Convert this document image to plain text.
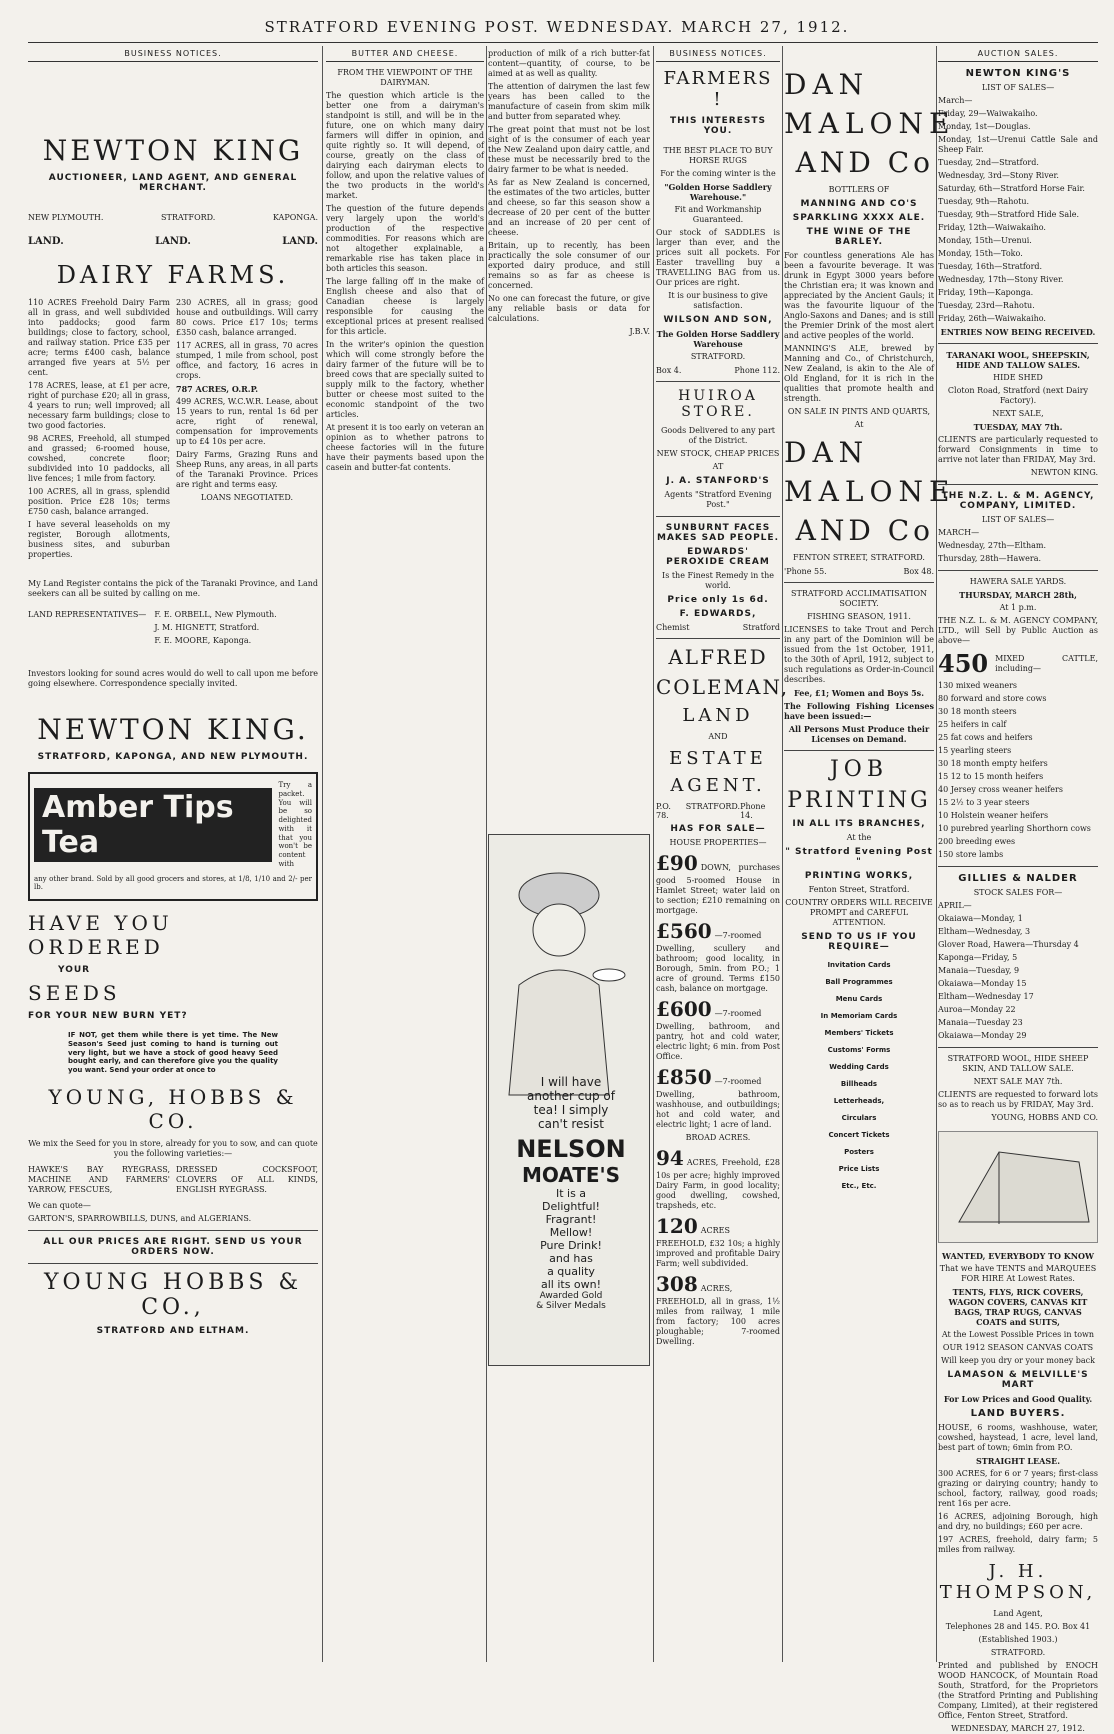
STRATFORD EVENING POST. WEDNESDAY. MARCH 27, 1912.
BUSINESS NOTICES.
NEWTON KING
AUCTIONEER, LAND AGENT, AND GENERAL MERCHANT.
NEW PLYMOUTH.	STRATFORD.	KAPONGA.
LAND.	LAND.	LAND.
DAIRY FARMS.

110 ACRES Freehold Dairy Farm all in grass, and well subdivided into paddocks; good farm buildings; close to factory, school, and railway station. Price £35 per acre; terms £400 cash, balance arranged five years at 5½ per cent.

178 ACRES, lease, at £1 per acre, right of purchase £20; all in grass, 4 years to run; well improved; all necessary farm buildings; close to two good factories.

98 ACRES, Freehold, all stumped and grassed; 6-roomed house, cowshed, concrete floor; subdivided into 10 paddocks, all live fences; 1 mile from factory.

100 ACRES, all in grass, splendid position. Price £28 10s; terms £750 cash, balance arranged.

I have several leaseholds on my register, Borough allotments, business sites, and suburban properties.

230 ACRES, all in grass; good house and outbuildings. Will carry 80 cows. Price £17 10s; terms £350 cash, balance arranged.

117 ACRES, all in grass, 70 acres stumped, 1 mile from school, post office, and factory, 16 acres in crops.

787 ACRES, O.R.P.

499 ACRES, W.C.W.R. Lease, about 15 years to run, rental 1s 6d per acre, right of renewal, compensation for improvements up to £4 10s per acre.

Dairy Farms, Grazing Runs and Sheep Runs, any areas, in all parts of the Taranaki Province. Prices are right and terms easy.

LOANS NEGOTIATED.

My Land Register contains the pick of the Taranaki Province, and Land seekers can all be suited by calling on me.

LAND REPRESENTATIVES— F. E. ORBELL, New Plymouth.
J. M. HIGNETT, Stratford.
F. E. MOORE, Kaponga.

Investors looking for sound acres would do well to call upon me before going elsewhere. Correspondence specially invited.

NEWTON KING.
STRATFORD, KAPONGA, AND NEW PLYMOUTH.
Amber Tips Tea
Try a packet. You will be so delighted with it that you won't be content with
any other brand. Sold by all good grocers and stores, at 1/8, 1/10 and 2/- per lb.
HAVE YOU ORDERED
YOUR
SEEDS
FOR YOUR NEW BURN YET?

IF NOT, get them while there is yet time. The New Season's Seed just coming to hand is turning out very light, but we have a stock of good heavy Seed bought early, and can therefore give you the quality you want. Send your order at once to

YOUNG, HOBBS & CO.

We mix the Seed for you in store, already for you to sow, and can quote you the following varieties:—

HAWKE'S BAY RYEGRASS, MACHINE AND FARMERS' YARROW, FESCUES,
DRESSED COCKSFOOT, CLOVERS OF ALL KINDS, ENGLISH RYEGRASS.

We can quote—

GARTON'S, SPARROWBILLS, DUNS, and ALGERIANS.

ALL OUR PRICES ARE RIGHT. SEND US YOUR ORDERS NOW.
YOUNG HOBBS & CO.,
STRATFORD AND ELTHAM.
BUTTER AND CHEESE.
FROM THE VIEWPOINT OF THE DAIRYMAN.

The question which article is the better one from a dairyman's standpoint is still, and will be in the future, one on which many dairy farmers will differ in opinion, and quite rightly so. It will depend, of course, greatly on the class of dairying each dairyman elects to follow, and upon the relative values of the two products in the world's market.

The question of the future depends very largely upon the world's production of the respective commodities. For reasons which are not altogether explainable, a remarkable rise has taken place in both articles this season.

The large falling off in the make of English cheese and also that of Canadian cheese is largely responsible for causing the exceptional prices at present realised for this article.

In the writer's opinion the question which will come strongly before the dairy farmer of the future will be to breed cows that are specially suited to supply milk to the factory, whether butter or cheese most suited to the economic standpoint of the two articles.

At present it is too early on veteran an opinion as to whether patrons to cheese factories will in the future have their payments based upon the casein and butter-fat contents.

production of milk of a rich butter-fat content—quantity, of course, to be aimed at as well as quality.

The attention of dairymen the last few years has been called to the manufacture of casein from skim milk and butter from separated whey.

The great point that must not be lost sight of is the consumer of each year the New Zealand upon dairy cattle, and these must be necessarily bred to the dairy farmer to be what is needed.

As far as New Zealand is concerned, the estimates of the two articles, butter and cheese, so far this season show a decrease of 20 per cent of the butter and an increase of 20 per cent of cheese.

Britain, up to recently, has been practically the sole consumer of our exported dairy produce, and still remains so as far as cheese is concerned.

No one can forecast the future, or give any reliable basis or data for calculations.

J.B.V.
I will have
another cup of
tea! I simply
can't resist
NELSON
MOATE'S
It is a
Delightful!
Fragrant!
Mellow!
Pure Drink!
and has
a quality
all its own!
Awarded Gold
& Silver Medals
BUSINESS NOTICES.
FARMERS !
THIS INTERESTS YOU.
THE BEST PLACE TO BUY HORSE RUGS
For the coming winter is the
"Golden Horse Saddlery Warehouse."
Fit and Workmanship Guaranteed.

Our stock of SADDLES is larger than ever, and the prices suit all pockets. For Easter travelling buy a TRAVELLING BAG from us. Our prices are right.

It is our business to give satisfaction.
WILSON AND SON,
The Golden Horse Saddlery Warehouse
STRATFORD.
Box 4.	Phone 112.
HUIROA STORE.
Goods Delivered to any part of the District.
NEW STOCK, CHEAP PRICES
AT
J. A. STANFORD'S
Agents "Stratford Evening Post."
SUNBURNT FACES MAKES SAD PEOPLE.
EDWARDS' PEROXIDE CREAM
Is the Finest Remedy in the world.
Price only 1s 6d.
F. EDWARDS,
Chemist	Stratford
ALFRED
COLEMAN,
LAND
AND
ESTATE
AGENT.
P.O. 78.
STRATFORD. Phone 14.
HAS FOR SALE—
HOUSE PROPERTIES—

£90 DOWN, purchases good 5-roomed House in Hamlet Street; water laid on to section; £210 remaining on mortgage.

£560 —7-roomed Dwelling, scullery and bathroom; good locality, in Borough, 5min. from P.O.; 1 acre of ground. Terms £150 cash, balance on mortgage.

£600 —7-roomed Dwelling, bathroom, and pantry, hot and cold water, electric light; 6 min. from Post Office.

£850 —7-roomed Dwelling, bathroom, washhouse, and outbuildings; hot and cold water, and electric light; 1 acre of land.

BROAD ACRES.

94 ACRES, Freehold, £28 10s per acre; highly improved Dairy Farm, in good locality; good dwelling, cowshed, trapsheds, etc.

120 ACRES FREEHOLD, £32 10s; a highly improved and profitable Dairy Farm; well subdivided.

308 ACRES, FREEHOLD, all in grass, 1½ miles from railway, 1 mile from factory; 100 acres ploughable; 7-roomed Dwelling.

DAN
MALONE
AND Co
BOTTLERS OF
MANNING AND CO'S
SPARKLING XXXX ALE.
THE WINE OF THE BARLEY.

For countless generations Ale has been a favourite beverage. It was drunk in Egypt 3000 years before the Christian era; it was known and appreciated by the Ancient Gauls; it was the favourite liquour of the Anglo-Saxons and Danes; and is still the Premier Drink of the most alert and active peoples of the world.

MANNING'S ALE, brewed by Manning and Co., of Christchurch, New Zealand, is akin to the Ale of Old England, for it is rich in the qualities that promote health and strength.

ON SALE IN PINTS AND QUARTS,
At
DAN
MALONE
AND Co
FENTON STREET, STRATFORD.
'Phone 55.	Box 48.
STRATFORD ACCLIMATISATION SOCIETY.
FISHING SEASON, 1911.

LICENSES to take Trout and Perch in any part of the Dominion will be issued from the 1st October, 1911, to the 30th of April, 1912, subject to such regulations as Order-in-Council describes.

Fee, £1; Women and Boys 5s.
The Following Fishing Licenses have been issued:—
All Persons Must Produce their Licenses on Demand.
JOB
PRINTING
IN ALL ITS BRANCHES,
At the
" Stratford Evening Post "
PRINTING WORKS,
Fenton Street, Stratford.
COUNTRY ORDERS WILL RECEIVE PROMPT and CAREFUL ATTENTION.
SEND TO US IF YOU REQUIRE—
Invitation Cards
Ball Programmes
Menu Cards
In Memoriam Cards
Members' Tickets
Customs' Forms
Wedding Cards
Billheads
Letterheads,
Circulars
Concert Tickets
Posters
Price Lists
Etc., Etc.
AUCTION SALES.
NEWTON KING'S
LIST OF SALES—
March—
Friday, 29—Waiwakaiho.
Monday, 1st—Douglas.
Monday, 1st—Urenui Cattle Sale and Sheep Fair.
Tuesday, 2nd—Stratford.
Wednesday, 3rd—Stony River.
Saturday, 6th—Stratford Horse Fair.
Tuesday, 9th—Rahotu.
Tuesday, 9th—Stratford Hide Sale.
Friday, 12th—Waiwakaiho.
Monday, 15th—Urenui.
Monday, 15th—Toko.
Tuesday, 16th—Stratford.
Wednesday, 17th—Stony River.
Friday, 19th—Kaponga.
Tuesday, 23rd—Rahotu.
Friday, 26th—Waiwakaiho.
ENTRIES NOW BEING RECEIVED.
TARANAKI WOOL, SHEEPSKIN, HIDE AND TALLOW SALES.
HIDE SHED
Cloton Road, Stratford (next Dairy Factory).
NEXT SALE,
TUESDAY, MAY 7th.

CLIENTS are particularly requested to forward Consignments in time to arrive not later than FRIDAY, May 3rd.

NEWTON KING.
THE N.Z. L. & M. AGENCY, COMPANY, LIMITED.
LIST OF SALES—
MARCH—
Wednesday, 27th—Eltham.
Thursday, 28th—Hawera.
HAWERA SALE YARDS.
THURSDAY, MARCH 28th,
At 1 p.m.

THE N.Z. L. & M. AGENCY COMPANY, LTD., will Sell by Public Auction as above—

450 MIXED CATTLE, including—
130 mixed weaners
80 forward and store cows
30 18 month steers
25 heifers in calf
25 fat cows and heifers
15 yearling steers
30 18 month empty heifers
15 12 to 15 month heifers
40 Jersey cross weaner heifers
15 2½ to 3 year steers
10 Holstein weaner heifers
10 purebred yearling Shorthorn cows
200 breeding ewes
150 store lambs
GILLIES & NALDER
STOCK SALES FOR—
APRIL—
Okaiawa—Monday, 1
Eltham—Wednesday, 3
Glover Road, Hawera—Thursday 4
Kaponga—Friday, 5
Manaia—Tuesday, 9
Okaiawa—Monday 15
Eltham—Wednesday 17
Auroa—Monday 22
Manaia—Tuesday 23
Okaiawa—Monday 29
STRATFORD WOOL, HIDE SHEEP SKIN, AND TALLOW SALE.
NEXT SALE MAY 7th.

CLIENTS are requested to forward lots so as to reach us by FRIDAY, May 3rd.

YOUNG, HOBBS AND CO.
WANTED, EVERYBODY TO KNOW
That we have TENTS and MARQUEES FOR HIRE At Lowest Rates.
TENTS, FLYS, RICK COVERS, WAGON COVERS, CANVAS KIT BAGS, TRAP RUGS, CANVAS COATS and SUITS,
At the Lowest Possible Prices in town
OUR 1912 SEASON CANVAS COATS
Will keep you dry or your money back
LAMASON & MELVILLE'S MART
For Low Prices and Good Quality.
LAND BUYERS.

HOUSE, 6 rooms, washhouse, water, cowshed, haystead, 1 acre, level land, best part of town; 6min from P.O.

STRAIGHT LEASE.

300 ACRES, for 6 or 7 years; first-class grazing or dairying country; handy to school, factory, railway, good roads; rent 16s per acre.

16 ACRES, adjoining Borough, high and dry, no buildings; £60 per acre.

197 ACRES, freehold, dairy farm; 5 miles from railway.

J. H. THOMPSON,
Land Agent,
Telephones 28 and 145. P.O. Box 41
(Established 1903.)
STRATFORD.

Printed and published by ENOCH WOOD HANCOCK, of Mountain Road South, Stratford, for the Proprietors (the Stratford Printing and Publishing Company, Limited), at their registered Office, Fenton Street, Stratford.

WEDNESDAY, MARCH 27, 1912.
